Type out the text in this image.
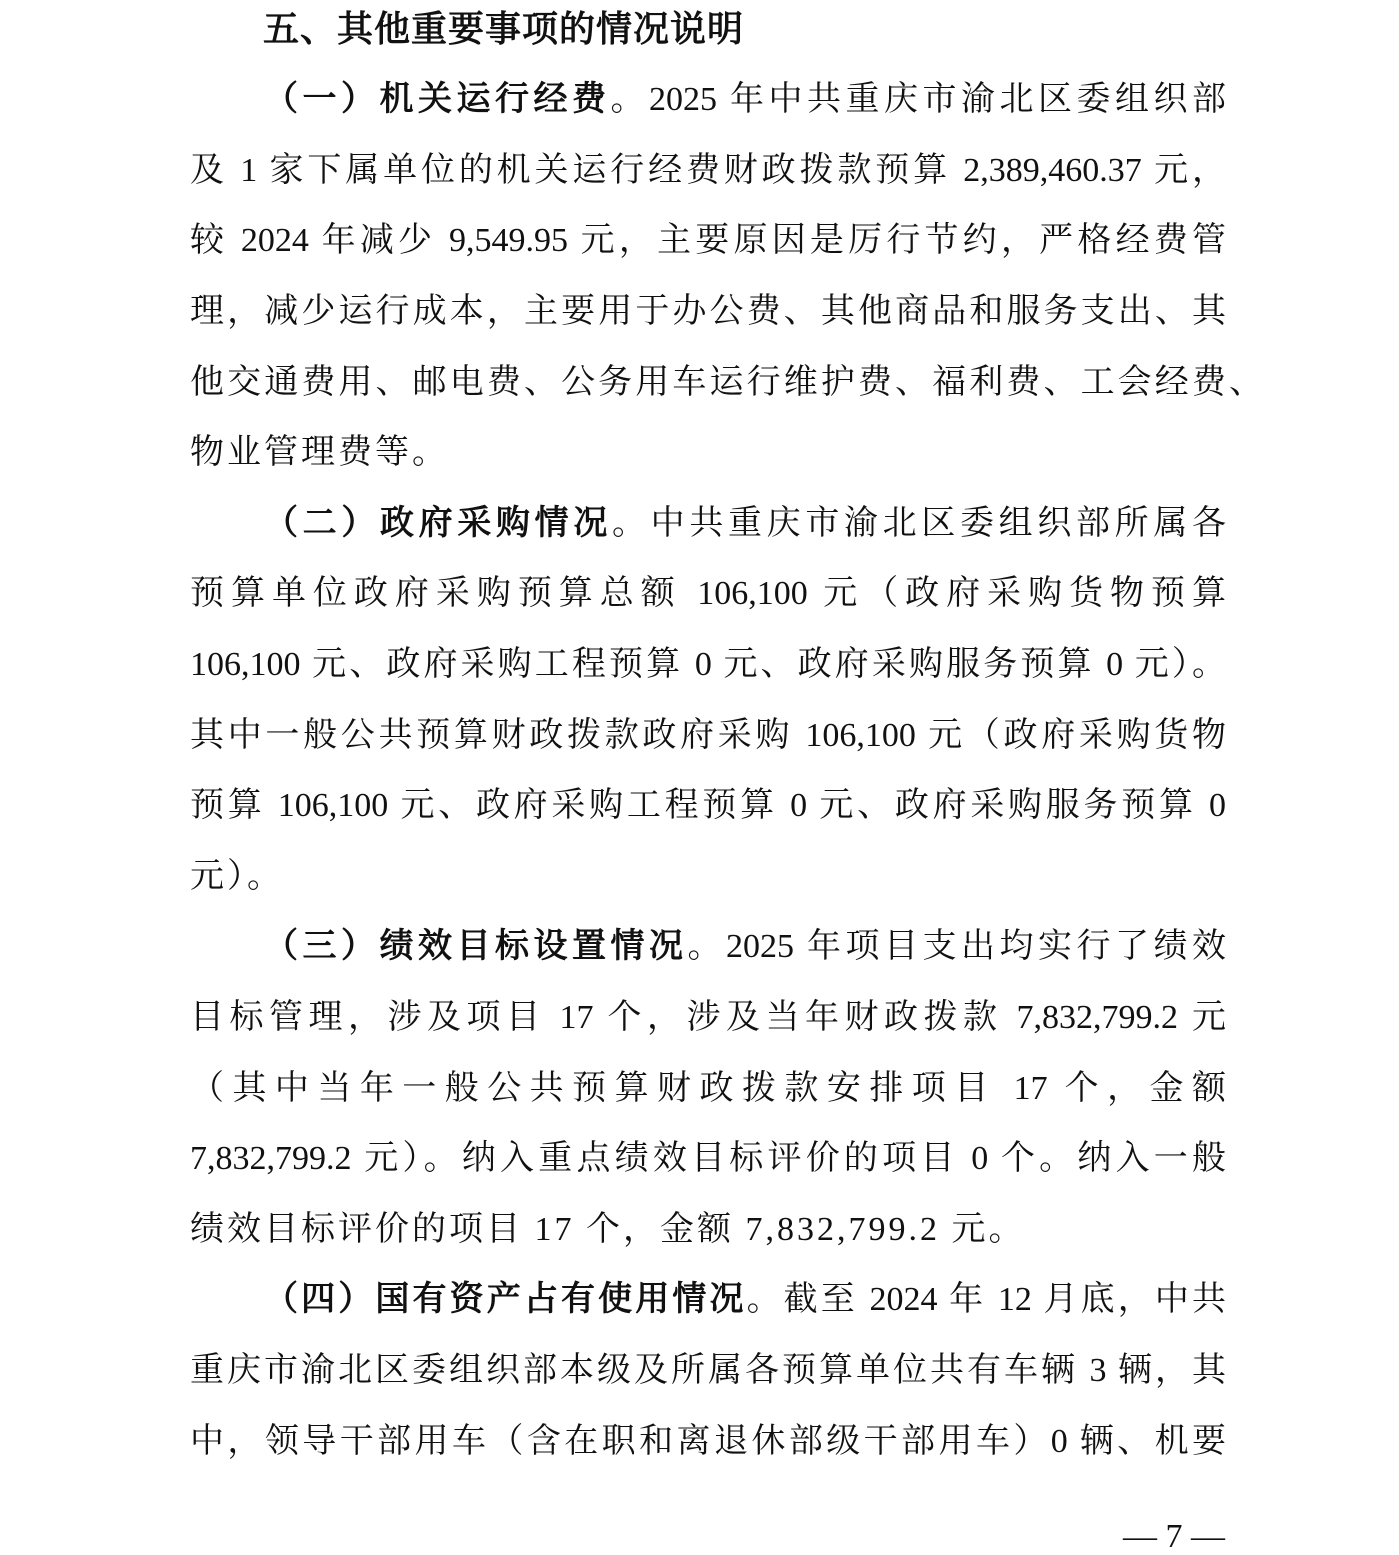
五、其他重要事项的情况说明
（一）机关运行经费。2025 年中共重庆市渝北区委组织部
及 1 家下属单位的机关运行经费财政拨款预算 2,389,460.37 元，
较 2024 年减少 9,549.95 元，主要原因是厉行节约，严格经费管
理，减少运行成本，主要用于办公费、其他商品和服务支出、其
他交通费用、邮电费、公务用车运行维护费、福利费、工会经费、
物业管理费等。
（二）政府采购情况。中共重庆市渝北区委组织部所属各
预算单位政府采购预算总额 106,100 元（政府采购货物预算
106,100 元、政府采购工程预算 0 元、政府采购服务预算 0 元）。
其中一般公共预算财政拨款政府采购 106,100 元（政府采购货物
预算 106,100 元、政府采购工程预算 0 元、政府采购服务预算 0
元）。
（三）绩效目标设置情况。2025 年项目支出均实行了绩效
目标管理，涉及项目 17 个，涉及当年财政拨款 7,832,799.2 元
（其中当年一般公共预算财政拨款安排项目 17 个，金额
7,832,799.2 元）。纳入重点绩效目标评价的项目 0 个。纳入一般
绩效目标评价的项目 17 个，金额 7,832,799.2 元。
（四）国有资产占有使用情况。截至 2024 年 12 月底，中共
重庆市渝北区委组织部本级及所属各预算单位共有车辆 3 辆，其
中，领导干部用车（含在职和离退休部级干部用车）0 辆、机要
— 7 —
